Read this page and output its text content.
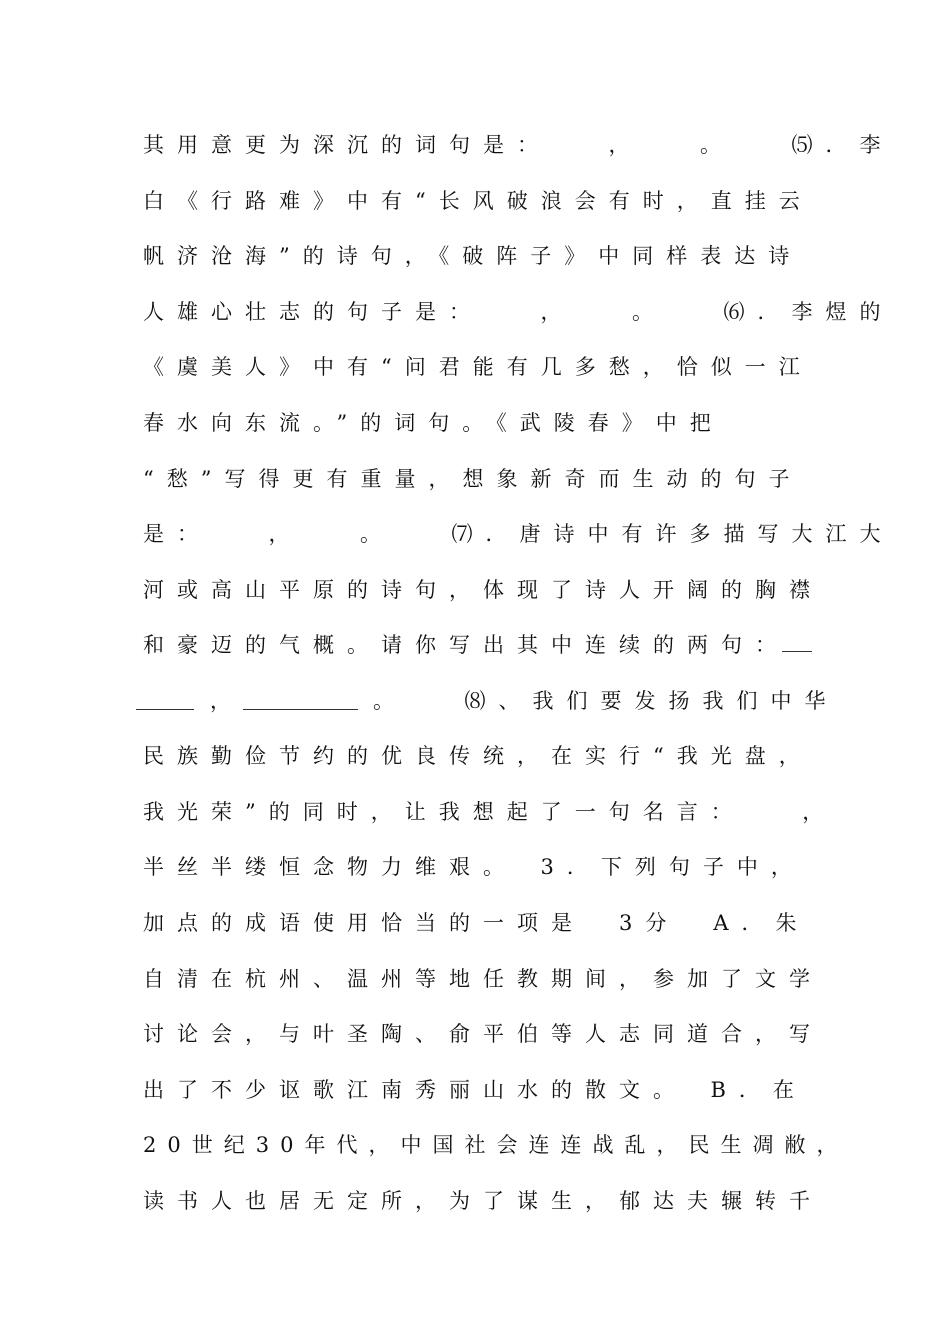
其用意更为深沉的词句是：　　，　　。　　⑸．李
白《行路难》中有“长风破浪会有时，直挂云
帆济沧海”的诗句，《破阵子》中同样表达诗
人雄心壮志的句子是：　　，　　。　　⑹．李煜的
《虞美人》中有“问君能有几多愁，恰似一江
春水向东流。”的词句。《武陵春》中把
“愁”写得更有重量，想象新奇而生动的句子
是：　　，　　。　　⑺．唐诗中有许多描写大江大
河或高山平原的诗句，体现了诗人开阔的胸襟
和豪迈的气概。请你写出其中连续的两句：
，	。　　⑻、我们要发扬我们中华
民族勤俭节约的优良传统，在实行“我光盘，
我光荣”的同时，让我想起了一句名言：　　，
半丝半缕恒念物力维艰。　3．下列句子中，
加点的成语使用恰当的一项是　3分　A．朱
自清在杭州、温州等地任教期间，参加了文学
讨论会，与叶圣陶、俞平伯等人志同道合，写
出了不少讴歌江南秀丽山水的散文。　B．在
20世纪30年代，中国社会连连战乱，民生凋敝，
读书人也居无定所，为了谋生，郁达夫辗转千
